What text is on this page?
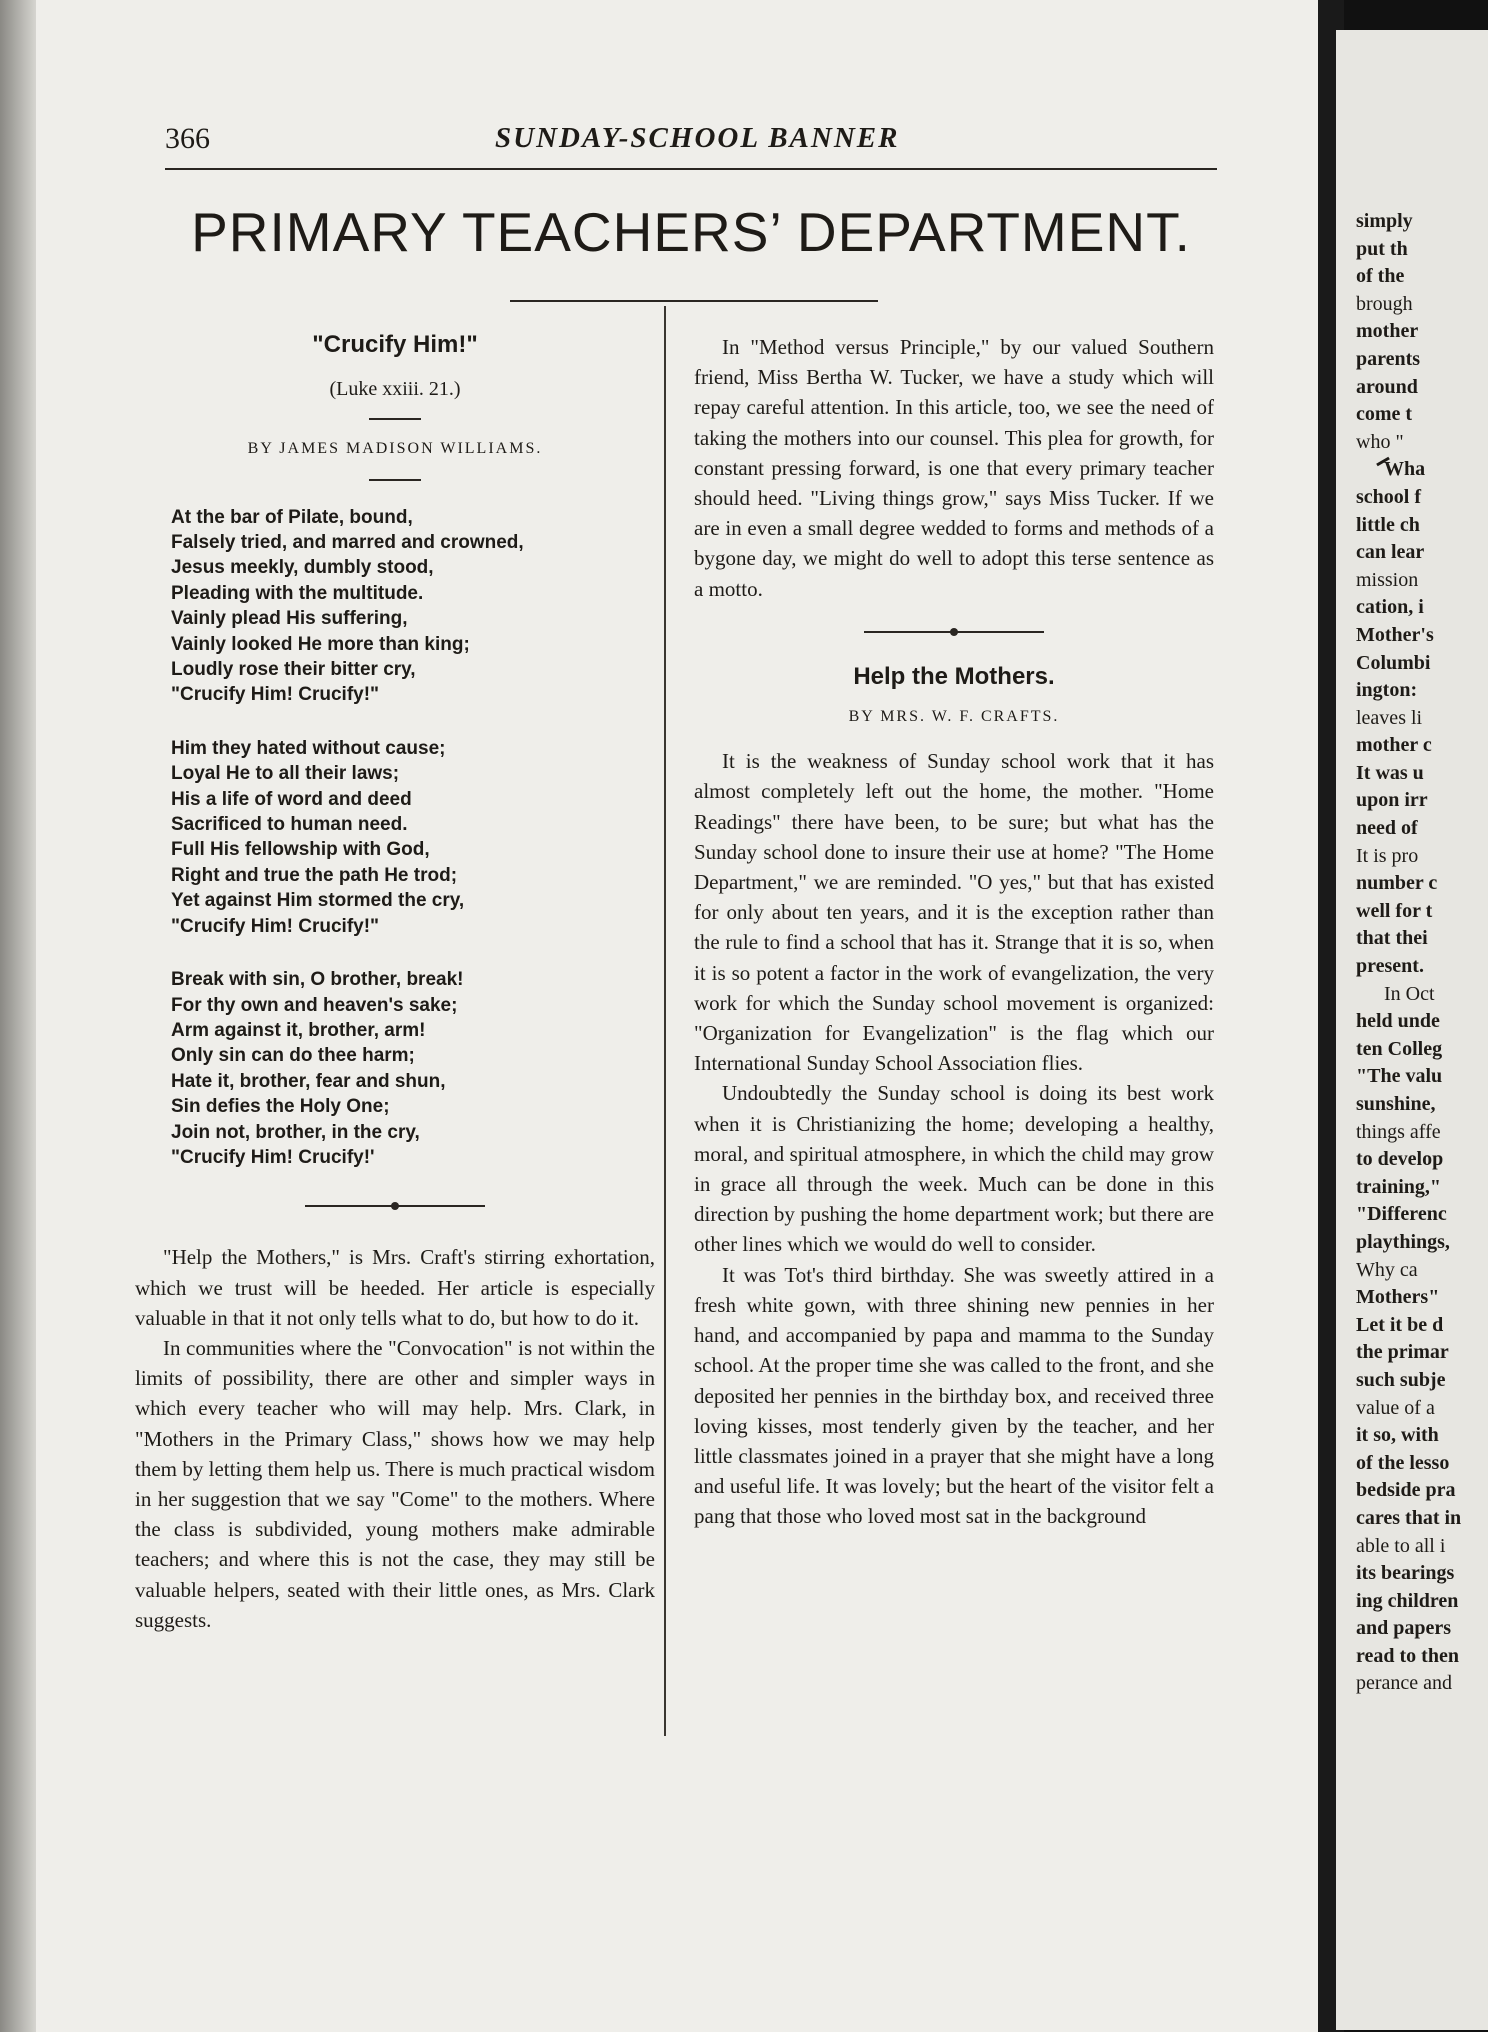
366	SUNDAY-SCHOOL BANNER
PRIMARY TEACHERS’ DEPARTMENT.
"Crucify Him!"
(Luke xxiii. 21.)
BY JAMES MADISON WILLIAMS.
At the bar of Pilate, bound,
Falsely tried, and marred and crowned,
Jesus meekly, dumbly stood,
Pleading with the multitude.
Vainly plead His suffering,
Vainly looked He more than king;
Loudly rose their bitter cry,
"Crucify Him! Crucify!"
Him they hated without cause;
Loyal He to all their laws;
His a life of word and deed
Sacrificed to human need.
Full His fellowship with God,
Right and true the path He trod;
Yet against Him stormed the cry,
"Crucify Him! Crucify!"
Break with sin, O brother, break!
For thy own and heaven's sake;
Arm against it, brother, arm!
Only sin can do thee harm;
Hate it, brother, fear and shun,
Sin defies the Holy One;
Join not, brother, in the cry,
"Crucify Him! Crucify!'

"Help the Mothers," is Mrs. Craft's stirring exhortation, which we trust will be heeded. Her article is especially valuable in that it not only tells what to do, but how to do it.

In communities where the "Convocation" is not within the limits of possibility, there are other and simpler ways in which every teacher who will may help. Mrs. Clark, in "Mothers in the Primary Class," shows how we may help them by letting them help us. There is much practical wisdom in her suggestion that we say "Come" to the mothers. Where the class is subdivided, young mothers make admirable teachers; and where this is not the case, they may still be valuable helpers, seated with their little ones, as Mrs. Clark suggests.

In "Method versus Principle," by our valued Southern friend, Miss Bertha W. Tucker, we have a study which will repay careful attention. In this article, too, we see the need of taking the mothers into our counsel. This plea for growth, for constant pressing forward, is one that every primary teacher should heed. "Living things grow," says Miss Tucker. If we are in even a small degree wedded to forms and methods of a bygone day, we might do well to adopt this terse sentence as a motto.

Help the Mothers.
BY MRS. W. F. CRAFTS.

It is the weakness of Sunday school work that it has almost completely left out the home, the mother. "Home Readings" there have been, to be sure; but what has the Sunday school done to insure their use at home? "The Home Department," we are reminded. "O yes," but that has existed for only about ten years, and it is the exception rather than the rule to find a school that has it. Strange that it is so, when it is so potent a factor in the work of evangelization, the very work for which the Sunday school movement is organized: "Organization for Evangelization" is the flag which our International Sunday School Association flies.

Undoubtedly the Sunday school is doing its best work when it is Christianizing the home; developing a healthy, moral, and spiritual atmosphere, in which the child may grow in grace all through the week. Much can be done in this direction by pushing the home department work; but there are other lines which we would do well to consider.

It was Tot's third birthday. She was sweetly attired in a fresh white gown, with three shining new pennies in her hand, and accompanied by papa and mamma to the Sunday school. At the proper time she was called to the front, and she deposited her pennies in the birthday box, and received three loving kisses, most tenderly given by the teacher, and her little classmates joined in a prayer that she might have a long and useful life. It was lovely; but the heart of the visitor felt a pang that those who loved most sat in the background

simply
put th
of the
brough
mother
parents
around
come t
who "
Wha
school f
little ch
can lear
mission
cation, i
Mother's
Columbi
ington:
leaves li
mother c
It was u
upon irr
need of
It is pro
number c
well for t
that thei
present.
In Oct
held unde
ten Colleg
"The valu
sunshine,
things affe
to develop
training,"
"Differenc
playthings,
Why ca
Mothers"
Let it be d
the primar
such subje
value of a
it so, with
of the lesso
bedside pra
cares that in
able to all i
its bearings
ing children
and papers
read to then
perance and
